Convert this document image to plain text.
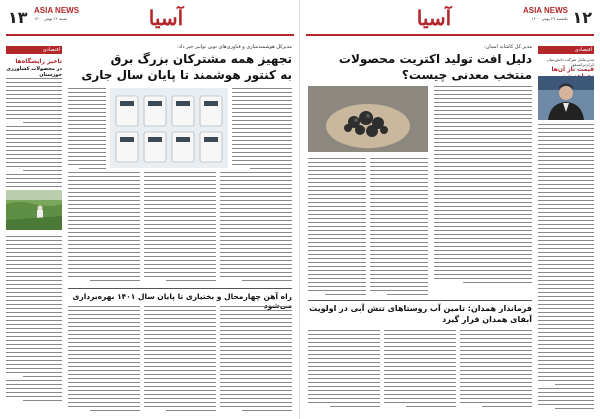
۱۳ ASIA NEWS
شنبه ۲۶ بهمن ۱۴۰۰	آسیا
اقتصادی
تاخیر زایشگاه‌ها
در محصولات کشاورزی خوزستان
مدیرکل هوشمندسازی و فناوری‌های نوین توانیر خبر داد:
تجهیز همه مشترکان بزرگ برق
به کنتور هوشمند تا پایان سال جاری
راه آهن چهارمحال و بختیاری تا پایان سال ۱۴۰۱ بهره‌برداری
۱۲
ASIA NEWS
یکشنبه ۲۷ بهمن ۱۴۰۰
آسیا
اقتصادی
مدیرعامل شرکت دانش‌بنیان ایران‌ترانسفو:
قیمت تاز آن‌ها
مدیر کل کاشانه استان:
دلیل افت تولید اکتریت محصولات
منتخب معدنی چیست؟
فرماندار همدان: تامین آب روستاهای تنش آبی در اولویت
آبفای همدان قرار گیرد
